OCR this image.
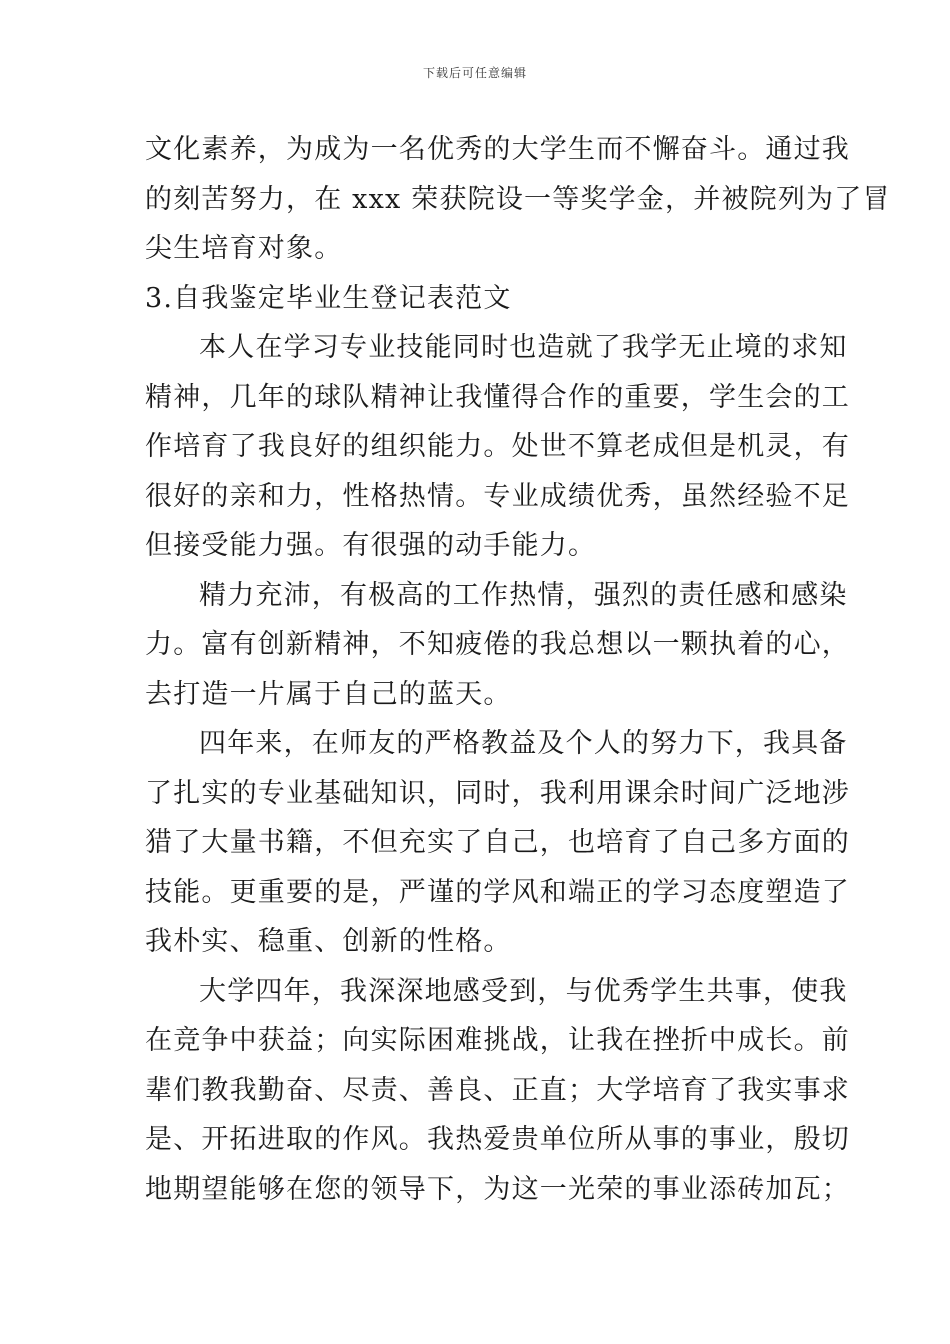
下载后可任意编辑
文化素养，为成为一名优秀的大学生而不懈奋斗。通过我
的刻苦努力，在 xxx 荣获院设一等奖学金，并被院列为了冒
尖生培育对象。
3.自我鉴定毕业生登记表范文
本人在学习专业技能同时也造就了我学无止境的求知
精神，几年的球队精神让我懂得合作的重要，学生会的工
作培育了我良好的组织能力。处世不算老成但是机灵，有
很好的亲和力，性格热情。专业成绩优秀，虽然经验不足
但接受能力强。有很强的动手能力。
精力充沛，有极高的工作热情，强烈的责任感和感染
力。富有创新精神，不知疲倦的我总想以一颗执着的心，
去打造一片属于自己的蓝天。
四年来，在师友的严格教益及个人的努力下，我具备
了扎实的专业基础知识，同时，我利用课余时间广泛地涉
猎了大量书籍，不但充实了自己，也培育了自己多方面的
技能。更重要的是，严谨的学风和端正的学习态度塑造了
我朴实、稳重、创新的性格。
大学四年，我深深地感受到，与优秀学生共事，使我
在竞争中获益；向实际困难挑战，让我在挫折中成长。前
辈们教我勤奋、尽责、善良、正直；大学培育了我实事求
是、开拓进取的作风。我热爱贵单位所从事的事业，殷切
地期望能够在您的领导下，为这一光荣的事业添砖加瓦；
